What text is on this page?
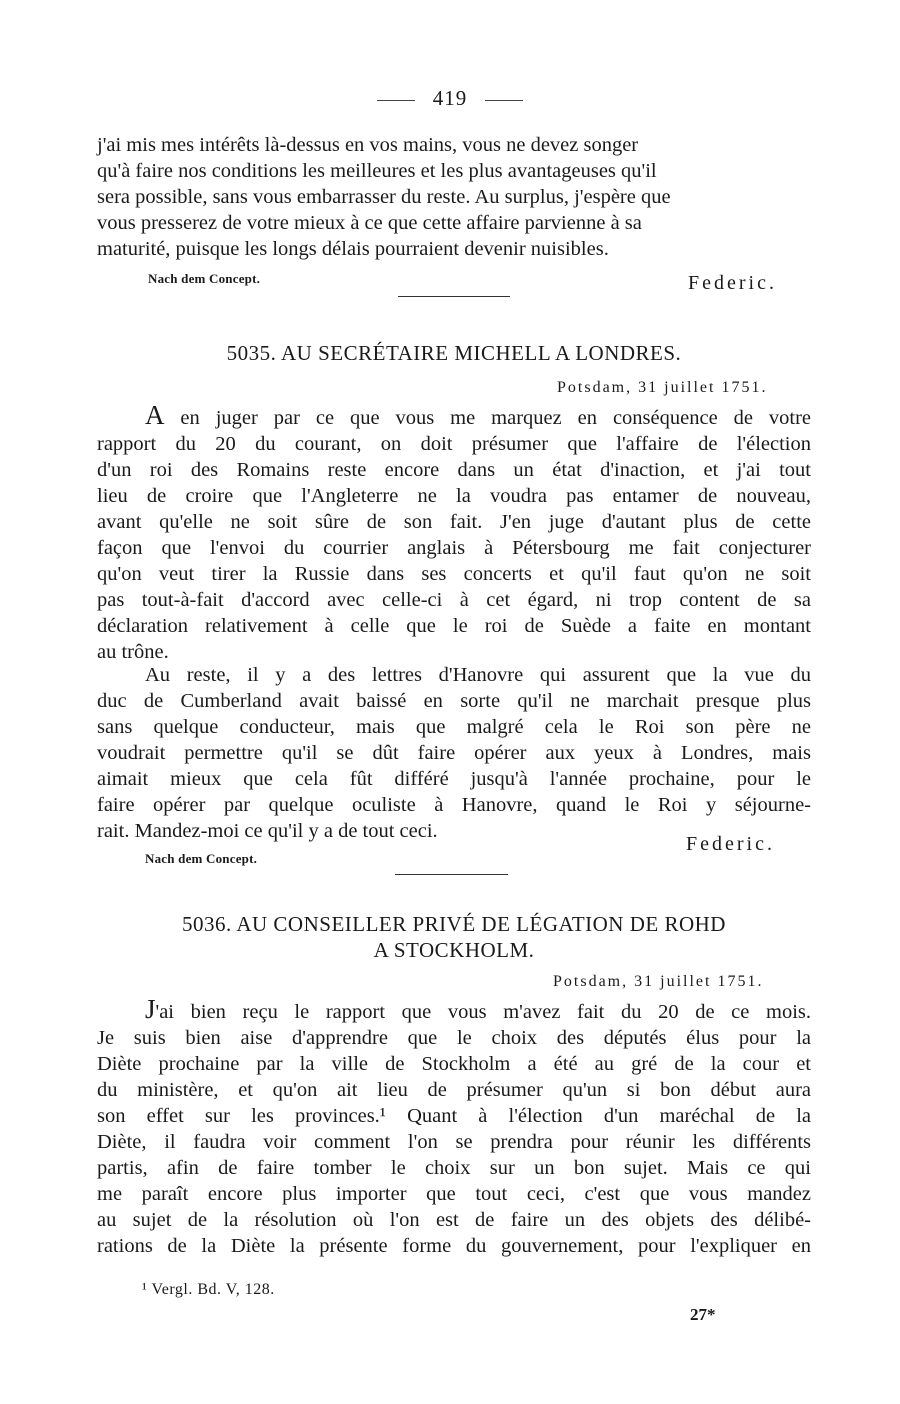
419
j'ai mis mes intérêts là-dessus en vos mains, vous ne devez songer
qu'à faire nos conditions les meilleures et les plus avantageuses qu'il
sera possible, sans vous embarrasser du reste. Au surplus, j'espère que
vous presserez de votre mieux à ce que cette affaire parvienne à sa
maturité, puisque les longs délais pourraient devenir nuisibles.
Nach dem Concept.	Federic.
5035. AU SECRÉTAIRE MICHELL A LONDRES.
Potsdam, 31 juillet 1751.
A en juger par ce que vous me marquez en conséquence de votre
rapport du 20 du courant, on doit présumer que l'affaire de l'élection
d'un roi des Romains reste encore dans un état d'inaction, et j'ai tout
lieu de croire que l'Angleterre ne la voudra pas entamer de nouveau,
avant qu'elle ne soit sûre de son fait. J'en juge d'autant plus de cette
façon que l'envoi du courrier anglais à Pétersbourg me fait conjecturer
qu'on veut tirer la Russie dans ses concerts et qu'il faut qu'on ne soit
pas tout-à-fait d'accord avec celle-ci à cet égard, ni trop content de sa
déclaration relativement à celle que le roi de Suède a faite en montant
au trône.
Au reste, il y a des lettres d'Hanovre qui assurent que la vue du
duc de Cumberland avait baissé en sorte qu'il ne marchait presque plus
sans quelque conducteur, mais que malgré cela le Roi son père ne
voudrait permettre qu'il se dût faire opérer aux yeux à Londres, mais
aimait mieux que cela fût différé jusqu'à l'année prochaine, pour le
faire opérer par quelque oculiste à Hanovre, quand le Roi y séjourne-
rait. Mandez-moi ce qu'il y a de tout ceci.
Federic.
Nach dem Concept.
5036. AU CONSEILLER PRIVÉ DE LÉGATION DE ROHD
A STOCKHOLM.
Potsdam, 31 juillet 1751.
J'ai bien reçu le rapport que vous m'avez fait du 20 de ce mois.
Je suis bien aise d'apprendre que le choix des députés élus pour la
Diète prochaine par la ville de Stockholm a été au gré de la cour et
du ministère, et qu'on ait lieu de présumer qu'un si bon début aura
son effet sur les provinces.¹ Quant à l'élection d'un maréchal de la
Diète, il faudra voir comment l'on se prendra pour réunir les différents
partis, afin de faire tomber le choix sur un bon sujet. Mais ce qui
me paraît encore plus importer que tout ceci, c'est que vous mandez
au sujet de la résolution où l'on est de faire un des objets des délibé-
rations de la Diète la présente forme du gouvernement, pour l'expliquer en
¹ Vergl. Bd. V, 128.
27*
